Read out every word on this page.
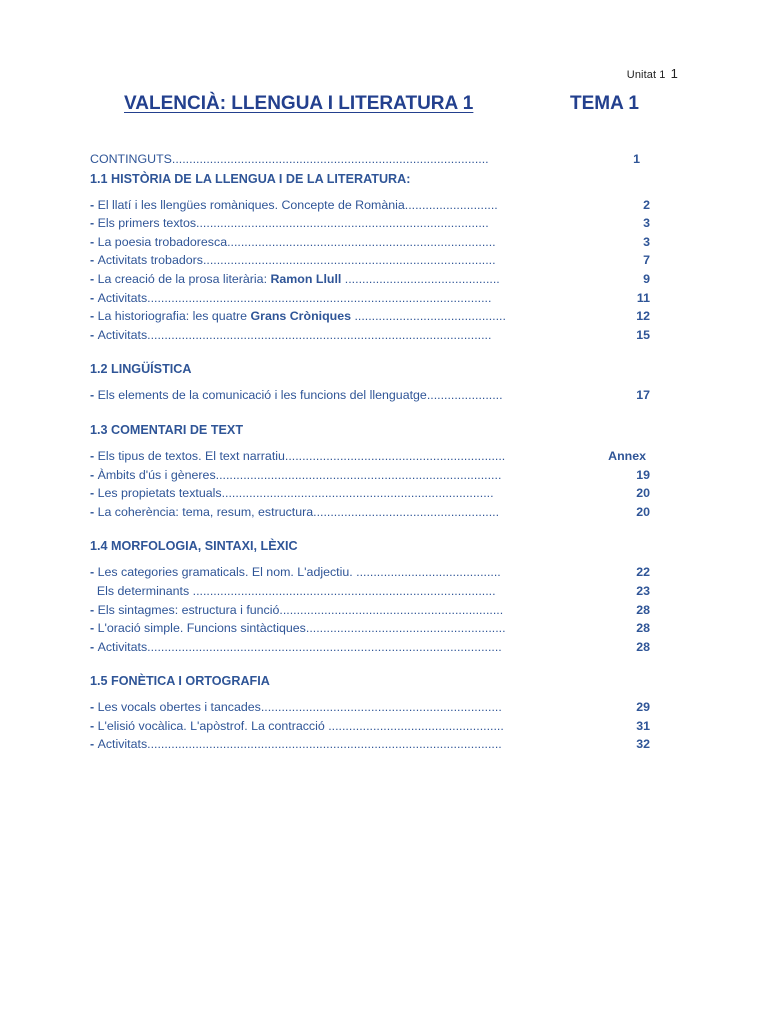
Unitat 1 1
VALENCIÀ: LLENGUA I LITERATURA 1	TEMA 1
CONTINGUTS............................................................................................	1
1.1 HISTÒRIA DE LA LLENGUA I DE LA LITERATURA:
- El llatí i les llengües romàniques. Concepte de Romània...........................	2
- Els primers textos.....................................................................................	3
- La poesia trobadoresca..............................................................................	3
- Activitats trobadors.....................................................................................	7
- La creació de la prosa literària: Ramon Llull .............................................	9
- Activitats....................................................................................................	11
- La historiografia: les quatre Grans Cròniques ............................................	12
- Activitats....................................................................................................	15
1.2 LINGÜÍSTICA
- Els elements de la comunicació i les funcions del llenguatge......................	17
1.3 COMENTARI DE TEXT
- Els tipus de textos. El text narratiu................................................................	Annex
- Àmbits d'ús i gèneres...................................................................................	19
- Les propietats textuals...............................................................................	20
- La coherència: tema, resum, estructura......................................................	20
1.4 MORFOLOGIA, SINTAXI, LÈXIC
- Les categories gramaticals. El nom. L'adjectiu. ..........................................	22
Els determinants ........................................................................................	23
- Els sintagmes: estructura i funció.................................................................	28
- L'oració simple. Funcions sintàctiques..........................................................	28
- Activitats.......................................................................................................	28
1.5 FONÈTICA I ORTOGRAFIA
- Les vocals obertes i tancades......................................................................	29
- L'elisió vocàlica. L'apòstrof. La contracció ...................................................	31
- Activitats.......................................................................................................	32
